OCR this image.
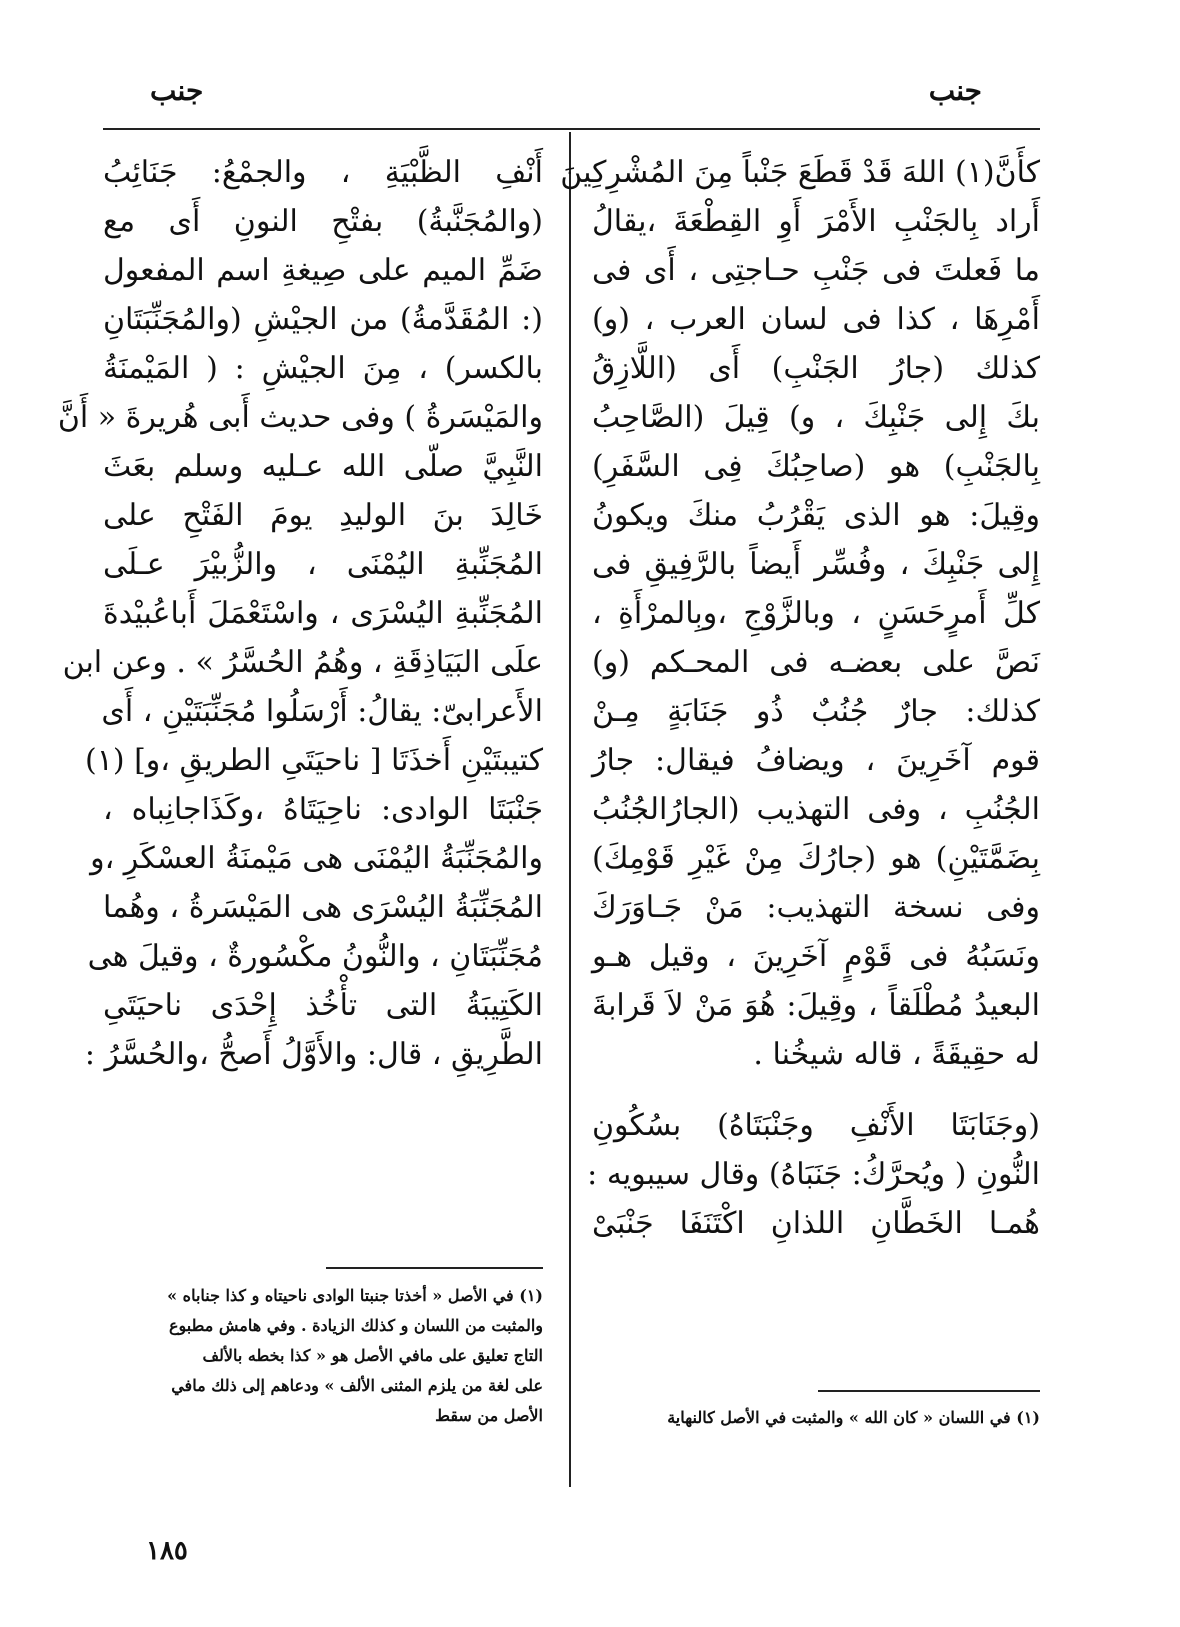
جنب
جنب
كأَنَّ(١) اللهَ قَدْ قَطَعَ جَنْباً مِنَ المُشْرِكِينَ
أَراد بِالجَنْبِ الأَمْرَ أَوِ القِطْعَةَ ،يقالُ
ما فَعلتَ فى جَنْبِ حـاجتِى ، أَى فى
أَمْرِهَا ، كذا فى لسان العرب ، (و)
كذلك (جارُ الجَنْبِ) أَى (اللَّازِقُ
بكَ إِلى جَنْبِكَ ، و) قِيلَ (الصَّاحِبُ
بِالجَنْبِ) هو (صاحِبُكَ فِى السَّفَرِ)
وقِيلَ: هو الذى يَقْرُبُ منكَ ويكونُ
إِلى جَنْبِكَ ، وفُسِّر أَيضاً بالرَّفِيقِ فى
كلِّ أَمرٍحَسَنٍ ، وبالزَّوْجِ ،وبِالمرْأَةِ ،
نَصَّ على بعضـه فى المحـكم (و)
كذلك: جارٌ جُنُبٌ ذُو جَنَابَةٍ مِـنْ
قوم آخَرِينَ ، ويضافُ فيقال: جارُ
الجُنُبِ ، وفى التهذيب (الجارُالجُنُبُ
بِضَمَّتَيْنِ) هو (جارُكَ مِنْ غَيْرِ قَوْمِكَ)
وفى نسخة التهذيب: مَنْ جَـاوَرَكَ
ونَسَبُهُ فى قَوْمٍ آخَرِينَ ، وقيل هـو
البعيدُ مُطْلَقاً ، وقِيلَ: هُوَ مَنْ لاَ قَرابةَ
له حقِيقَةً ، قاله شيخُنا .
(وجَنَابَتَا الأَنْفِ وجَنْبَتَاهُ) بسُكُونِ
النُّونِ ( ويُحرَّكُ: جَنَبَاهُ) وقال سيبويه :
هُمـا الخَطَّانِ اللذانِ اكْتَنَفَا جَنْبَىْ
أَنْفِ الظَّبْيَةِ ، والجمْعُ: جَنَائِبُ
(والمُجَنَّبةُ) بفتْحِ النونِ أَى مع
ضَمِّ الميم على صِيغةِ اسم المفعول
(: المُقَدَّمةُ) من الجيْشِ (والمُجَنِّبَتَانِ
بالكسر) ، مِنَ الجيْشِ : ( المَيْمنَةُ
والمَيْسَرةُ ) وفى حديث أَبى هُريرةَ « أَنَّ
النَّبِيَّ صلّى الله عـليه وسلم بعَثَ
خَالِدَ بنَ الوليدِ يومَ الفَتْحِ على
المُجَنِّبةِ اليُمْنَى ، والزُّبيْرَ عـلَى
المُجَنِّبةِ اليُسْرَى ، واسْتَعْمَلَ أَباعُبيْدةَ
علَى البَيَاذِقَةِ ، وهُمُ الحُسَّرُ » . وعن ابن
الأَعرابىّ: يقالُ: أَرْسَلُوا مُجَنِّبَتَيْنِ ، أَى
كتيبتَيْنِ أَخذَتَا [ ناحيَتَىِ الطريقِ ،و] (١)
جَنْبَتَا الوادى: ناحِيَتَاهُ ،وكَذَاجانِباه ،
والمُجَنِّبَةُ اليُمْنَى هى مَيْمنَةُ العسْكَرِ ،و
المُجَنِّبَةُ اليُسْرَى هى المَيْسَرةُ ، وهُما
مُجَنِّبَتَانِ ، والنُّونُ مكْسُورةٌ ، وقيلَ هى
الكَتِيبَةُ التى تأْخُذ إِحْدَى ناحيَتَىِ
الطَّرِيقِ ، قال: والأَوَّلُ أَصحُّ ،والحُسَّرُ :
(١) في اللسان « كان الله » والمثبت في الأصل كالنهاية
(١) في الأصل « أخذتا جنبتا الوادى ناحيتاه و كذا جناباه »
والمثبت من اللسان و كذلك الزيادة . وفي هامش مطبوع
التاج تعليق على مافي الأصل هو « كذا بخطه بالألف
على لغة من يلزم المثنى الألف » ودعاهم إلى ذلك مافي
الأصل من سقط
١٨٥
